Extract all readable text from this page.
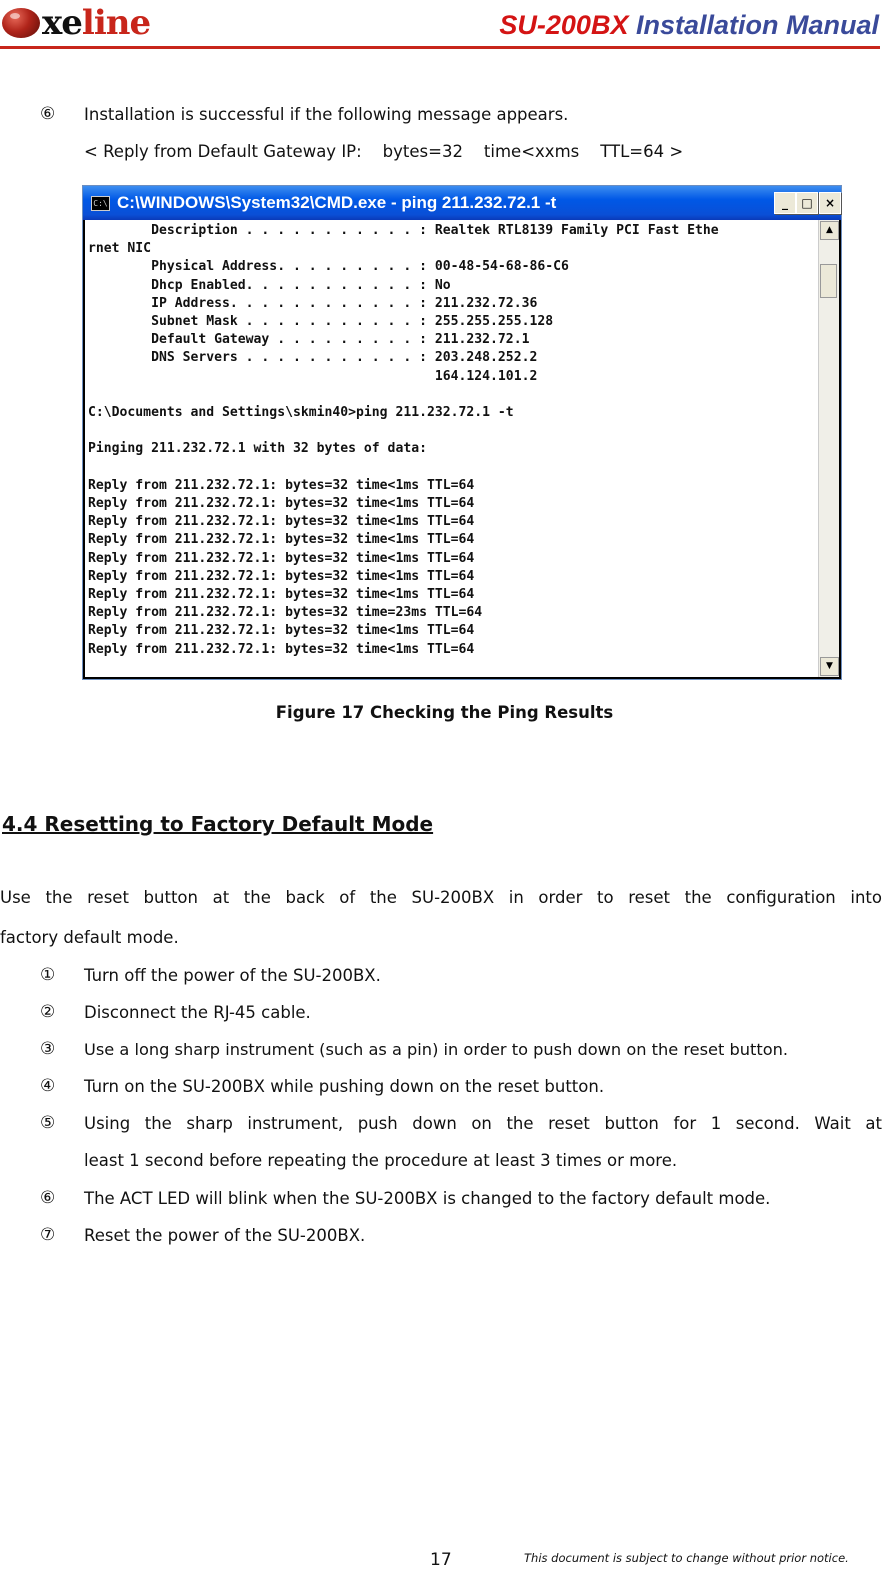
xe line	SU-200BX Installation Manual
⑥ Installation is successful if the following message appears.
< Reply from Default Gateway IP:    bytes=32    time<xxms    TTL=64 >
C:\ C:\WINDOWS\System32\CMD.exe - ping 211.232.72.1 -t	_	□	×
Description . . . . . . . . . . . : Realtek RTL8139 Family PCI Fast Ethe
rnet NIC
Physical Address. . . . . . . . . : 00-48-54-68-86-C6
Dhcp Enabled. . . . . . . . . . . : No
IP Address. . . . . . . . . . . . : 211.232.72.36
Subnet Mask . . . . . . . . . . . : 255.255.255.128
Default Gateway . . . . . . . . . : 211.232.72.1
DNS Servers . . . . . . . . . . . : 203.248.252.2
164.124.101.2

C:\Documents and Settings\skmin40>ping 211.232.72.1 -t

Pinging 211.232.72.1 with 32 bytes of data:

Reply from 211.232.72.1: bytes=32 time<1ms TTL=64
Reply from 211.232.72.1: bytes=32 time<1ms TTL=64
Reply from 211.232.72.1: bytes=32 time<1ms TTL=64
Reply from 211.232.72.1: bytes=32 time<1ms TTL=64
Reply from 211.232.72.1: bytes=32 time<1ms TTL=64
Reply from 211.232.72.1: bytes=32 time<1ms TTL=64
Reply from 211.232.72.1: bytes=32 time<1ms TTL=64
Reply from 211.232.72.1: bytes=32 time=23ms TTL=64
Reply from 211.232.72.1: bytes=32 time<1ms TTL=64
Reply from 211.232.72.1: bytes=32 time<1ms TTL=64
▲
▼
Figure 17 Checking the Ping Results
4.4 Resetting to Factory Default Mode
Use the reset button at the back of the SU-200BX in order to reset the configuration into
factory default mode.
① Turn off the power of the SU-200BX.
② Disconnect the RJ-45 cable.
③ Use a long sharp instrument (such as a pin) in order to push down on the reset button.
④ Turn on the SU-200BX while pushing down on the reset button.
⑤ Using the sharp instrument, push down on the reset button for 1 second. Wait at
least 1 second before repeating the procedure at least 3 times or more.
⑥ The ACT LED will blink when the SU-200BX is changed to the factory default mode.
⑦ Reset the power of the SU-200BX.
17	This document is subject to change without prior notice.
